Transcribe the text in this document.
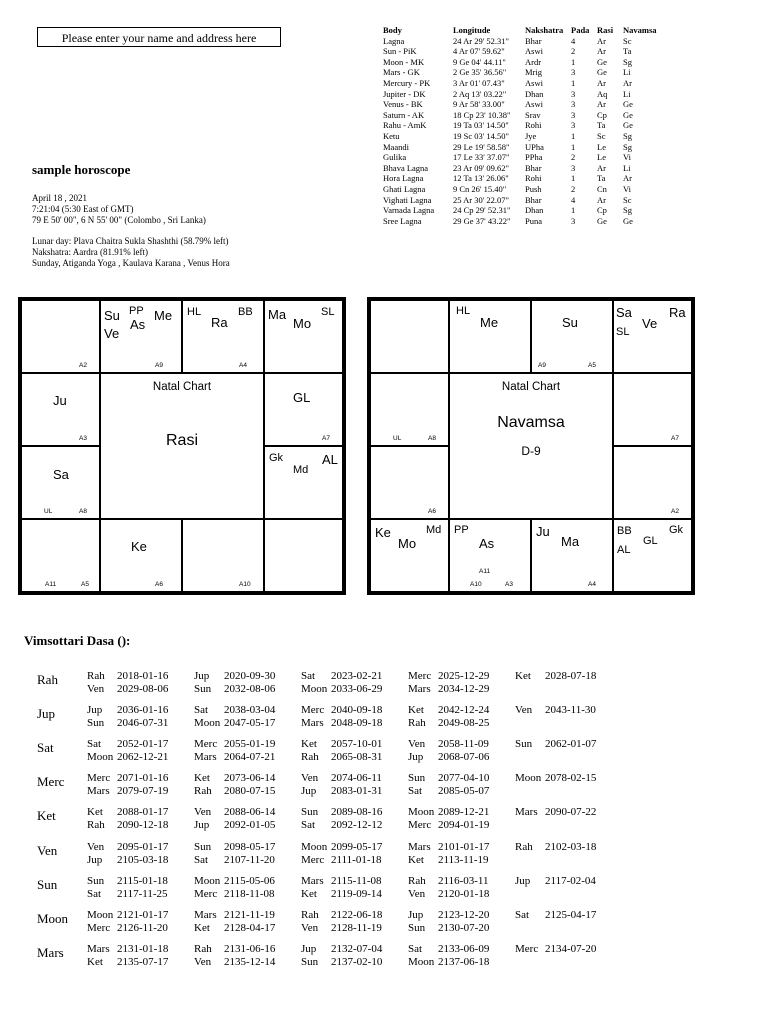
Please enter your name and address here
sample horoscope
April 18 , 2021
7:21:04 (5:30 East of GMT)
79 E 50' 00", 6 N 55' 00" (Colombo , Sri Lanka)
Lunar day: Plava Chaitra Sukla Shashthi (58.79% left)
Nakshatra: Aardra (81.91% left)
Sunday, Atiganda Yoga , Kaulava Karana , Venus Hora
Body	Longitude	Nakshatra	Pada	Rasi	Navamsa
Lagna	24 Ar 29' 52.31"	Bhar	4	Ar	Sc
Sun - PiK	4 Ar 07' 59.62"	Aswi	2	Ar	Ta
Moon - MK	9 Ge 04' 44.11"	Ardr	1	Ge	Sg
Mars - GK	2 Ge 35' 36.56"	Mrig	3	Ge	Li
Mercury - PK	3 Ar 01' 07.43"	Aswi	1	Ar	Ar
Jupiter - DK	2 Aq 13' 03.22"	Dhan	3	Aq	Li
Venus - BK	9 Ar 58' 33.00"	Aswi	3	Ar	Ge
Saturn - AK	18 Cp 23' 10.38"	Srav	3	Cp	Ge
Rahu - AmK	19 Ta 03' 14.50"	Rohi	3	Ta	Ge
Ketu	19 Sc 03' 14.50"	Jye	1	Sc	Sg
Maandi	29 Le 19' 58.58"	UPha	1	Le	Sg
Gulika	17 Le 33' 37.07"	PPha	2	Le	Vi
Bhava Lagna	23 Ar 09' 09.62"	Bhar	3	Ar	Li
Hora Lagna	12 Ta 13' 26.06"	Rohi	1	Ta	Ar
Ghati Lagna	9 Cn 26' 15.40"	Push	2	Cn	Vi
Vighati Lagna	25 Ar 30' 22.07"	Bhar	4	Ar	Sc
Varnada Lagna	24 Cp 29' 52.31"	Dhan	1	Cp	Sg
Sree Lagna	29 Ge 37' 43.22"	Puna	3	Ge	Ge
Natal Chart
Rasi
A2
Su PP Me
As
Ve
A9
HL	BB
Ra
A4
Ma	SL
Mo
Ju
A3
GL
A7
Sa
UL	A8
Gk	AL
Md
A11	A5
Ke
A6	A10
Natal Chart
Navamsa
D-9
HL
Me	Su
A9	A5
Sa	Ra
SL
Ve
UL	A8	A7
A6	A2
Ke	Md
Mo
PP
As
A11
A10	A3
Ju
Ma
A4
BB	Gk
GL
AL
Vimsottari Dasa ():
Rah	Rah 2018-01-16 Jup 2020-09-30 Sat 2023-02-21 Merc 2025-12-29 Ket 2028-07-18
Ven 2029-08-06 Sun 2032-08-06 Moon 2033-06-29 Mars 2034-12-29
Jup	Jup 2036-01-16 Sat 2038-03-04 Merc 2040-09-18 Ket 2042-12-24 Ven 2043-11-30
Sun 2046-07-31 Moon 2047-05-17 Mars 2048-09-18 Rah 2049-08-25
Sat	Sat 2052-01-17 Merc 2055-01-19 Ket 2057-10-01 Ven 2058-11-09 Sun 2062-01-07
Moon 2062-12-21 Mars 2064-07-21 Rah 2065-08-31 Jup 2068-07-06
Merc Merc 2071-01-16 Ket 2073-06-14 Ven 2074-06-11 Sun 2077-04-10 Moon 2078-02-15
Mars 2079-07-19 Rah 2080-07-15 Jup 2083-01-31 Sat 2085-05-07
Ket	Ket 2088-01-17 Ven 2088-06-14 Sun 2089-08-16 Moon 2089-12-21 Mars 2090-07-22
Rah 2090-12-18 Jup 2092-01-05 Sat 2092-12-12 Merc 2094-01-19
Ven	Ven 2095-01-17 Sun 2098-05-17 Moon 2099-05-17 Mars 2101-01-17 Rah 2102-03-18
Jup 2105-03-18 Sat 2107-11-20 Merc 2111-01-18 Ket 2113-11-19
Sun	Sun 2115-01-18 Moon 2115-05-06 Mars 2115-11-08 Rah 2116-03-11 Jup 2117-02-04
Sat 2117-11-25 Merc 2118-11-08 Ket 2119-09-14 Ven 2120-01-18
Moon Moon 2121-01-17 Mars 2121-11-19 Rah 2122-06-18 Jup 2123-12-20 Sat 2125-04-17
Merc 2126-11-20 Ket 2128-04-17 Ven 2128-11-19 Sun 2130-07-20
Mars Mars 2131-01-18 Rah 2131-06-16 Jup 2132-07-04 Sat 2133-06-09 Merc 2134-07-20
Ket 2135-07-17 Ven 2135-12-14 Sun 2137-02-10 Moon 2137-06-18
